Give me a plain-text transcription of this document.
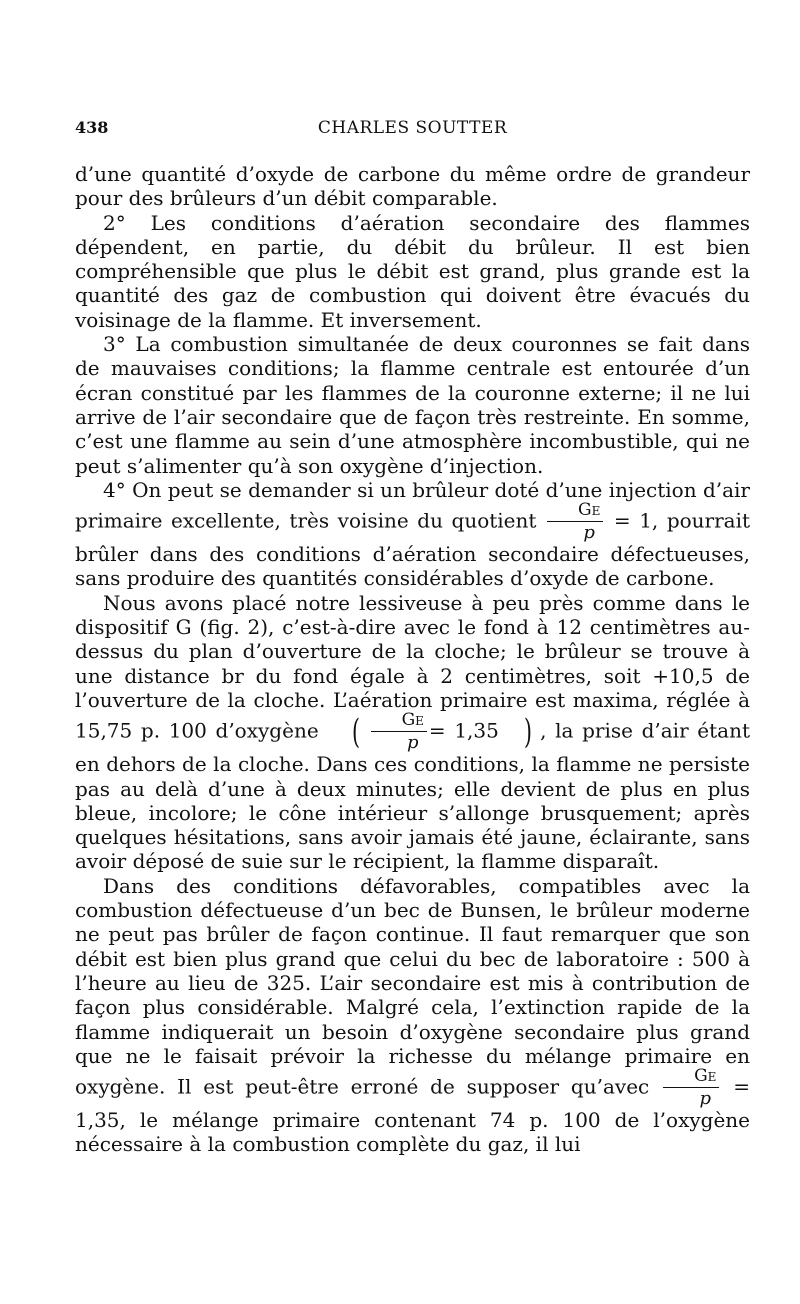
438	CHARLES SOUTTER

d’une quantité d’oxyde de carbone du même ordre de grandeur pour des brûleurs d’un débit comparable.

2° Les conditions d’aération secondaire des flammes dépendent, en partie, du débit du brûleur. Il est bien compréhensible que plus le débit est grand, plus grande est la quantité des gaz de combustion qui doivent être évacués du voisinage de la flamme. Et inversement.

3° La combustion simultanée de deux couronnes se fait dans de mauvaises conditions; la flamme centrale est entourée d’un écran constitué par les flammes de la couronne externe; il ne lui arrive de l’air secondaire que de façon très restreinte. En somme, c’est une flamme au sein d’une atmosphère incombustible, qui ne peut s’alimenter qu’à son oxygène d’injection.

4° On peut se demander si un brûleur doté d’une injection d’air primaire excellente, très voisine du quotient $\frac{Ge}{p} = 1$, pourrait brûler dans des conditions d’aération secondaire défectueuses, sans produire des quantités considérables d’oxyde de carbone.

Nous avons placé notre lessiveuse à peu près comme dans le dispositif G (fig. 2), c’est-à-dire avec le fond à 12 centimètres au-dessus du plan d’ouverture de la cloche; le brûleur se trouve à une distance br du fond égale à 2 centimètres, soit +10,5 de l’ouverture de la cloche. L’aération primaire est maxima, réglée à 15,75 p. 100 d’oxygène ( $\frac{Ge}{p} = 1,35$ ) , la prise d’air étant en dehors de la cloche. Dans ces conditions, la flamme ne persiste pas au delà d’une à deux minutes; elle devient de plus en plus bleue, incolore; le cône intérieur s’allonge brusquement; après quelques hésitations, sans avoir jamais été jaune, éclairante, sans avoir déposé de suie sur le récipient, la flamme disparaît.

Dans des conditions défavorables, compatibles avec la combustion défectueuse d’un bec de Bunsen, le brûleur moderne ne peut pas brûler de façon continue. Il faut remarquer que son débit est bien plus grand que celui du bec de laboratoire : 500 à l’heure au lieu de 325. L’air secondaire est mis à contribution de façon plus considérable. Malgré cela, l’extinction rapide de la flamme indiquerait un besoin d’oxygène secondaire plus grand que ne le faisait prévoir la richesse du mélange primaire en oxygène. Il est peut-être erroné de supposer qu’avec $\frac{Ge}{p} = 1,35$, le mélange primaire contenant 74 p. 100 de l’oxygène nécessaire à la combustion complète du gaz, il lui
